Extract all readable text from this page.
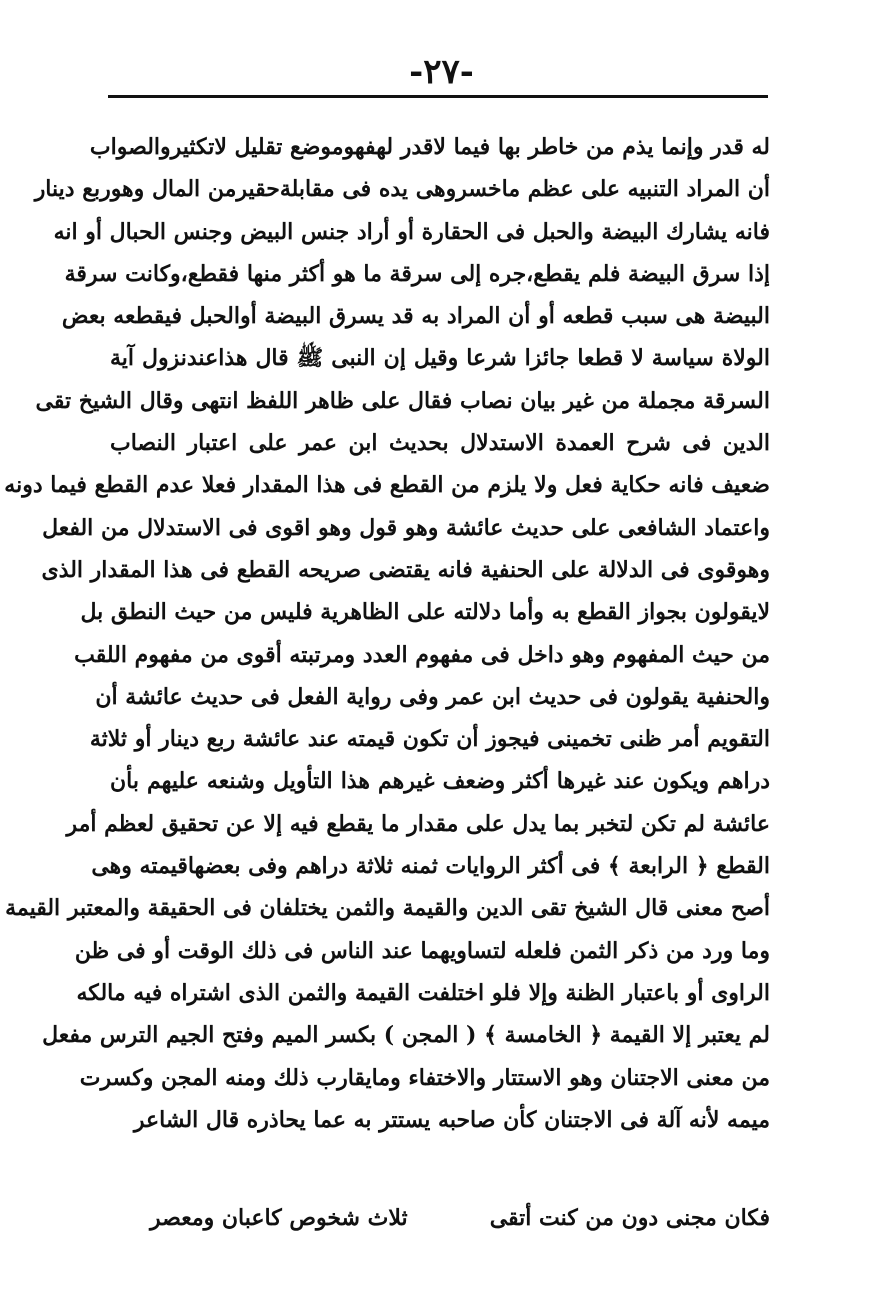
-٢٧-
له قدر وإنما يذم من خاطر بها فيما لاقدر لهفهوموضع تقليل لاتكثيروالصواب
أن المراد التنبيه على عظم ماخسروهى يده فى مقابلةحقيرمن المال وهوربع دينار
فانه يشارك البيضة والحبل فى الحقارة أو أراد جنس البيض وجنس الحبال أو انه
إذا سرق البيضة فلم يقطع،جره إلى سرقة ما هو أكثر منها فقطع،وكانت سرقة
البيضة هى سبب قطعه أو أن المراد به قد يسرق البيضة أوالحبل فيقطعه بعض
الولاة سياسة لا قطعا جائزا شرعا وقيل إن النبى ﷺ قال هذاعندنزول آية
السرقة مجملة من غير بيان نصاب فقال على ظاهر اللفظ انتهى وقال الشيخ تقى
الدين فى شرح العمدة الاستدلال بحديث ابن عمر على اعتبار النصاب
ضعيف فانه حكاية فعل ولا يلزم من القطع فى هذا المقدار فعلا عدم القطع فيما دونه
واعتماد الشافعى على حديث عائشة وهو قول وهو اقوى فى الاستدلال من الفعل
وهوقوى فى الدلالة على الحنفية فانه يقتضى صريحه القطع فى هذا المقدار الذى
لايقولون بجواز القطع به وأما دلالته على الظاهرية فليس من حيث النطق بل
من حيث المفهوم وهو داخل فى مفهوم العدد ومرتبته أقوى من مفهوم اللقب
والحنفية يقولون فى حديث ابن عمر وفى رواية الفعل فى حديث عائشة أن
التقويم أمر ظنى تخمينى فيجوز أن تكون قيمته عند عائشة ربع دينار أو ثلاثة
دراهم ويكون عند غيرها أكثر وضعف غيرهم هذا التأويل وشنعه عليهم بأن
عائشة لم تكن لتخبر بما يدل على مقدار ما يقطع فيه إلا عن تحقيق لعظم أمر
القطع ﴿ الرابعة ﴾ فى أكثر الروايات ثمنه ثلاثة دراهم وفى بعضهاقيمته وهى
أصح معنى قال الشيخ تقى الدين والقيمة والثمن يختلفان فى الحقيقة والمعتبر القيمة
وما ورد من ذكر الثمن فلعله لتساويهما عند الناس فى ذلك الوقت أو فى ظن
الراوى أو باعتبار الظنة وإلا فلو اختلفت القيمة والثمن الذى اشتراه فيه مالكه
لم يعتبر إلا القيمة ﴿ الخامسة ﴾ ( المجن ) بكسر الميم وفتح الجيم الترس مفعل
من معنى الاجتنان وهو الاستتار والاختفاء ومايقارب ذلك ومنه المجن وكسرت
ميمه لأنه آلة فى الاجتنان كأن صاحبه يستتر به عما يحاذره قال الشاعر
فكان مجنى دون من كنت أتقى
ثلاث شخوص كاعبان ومعصر
